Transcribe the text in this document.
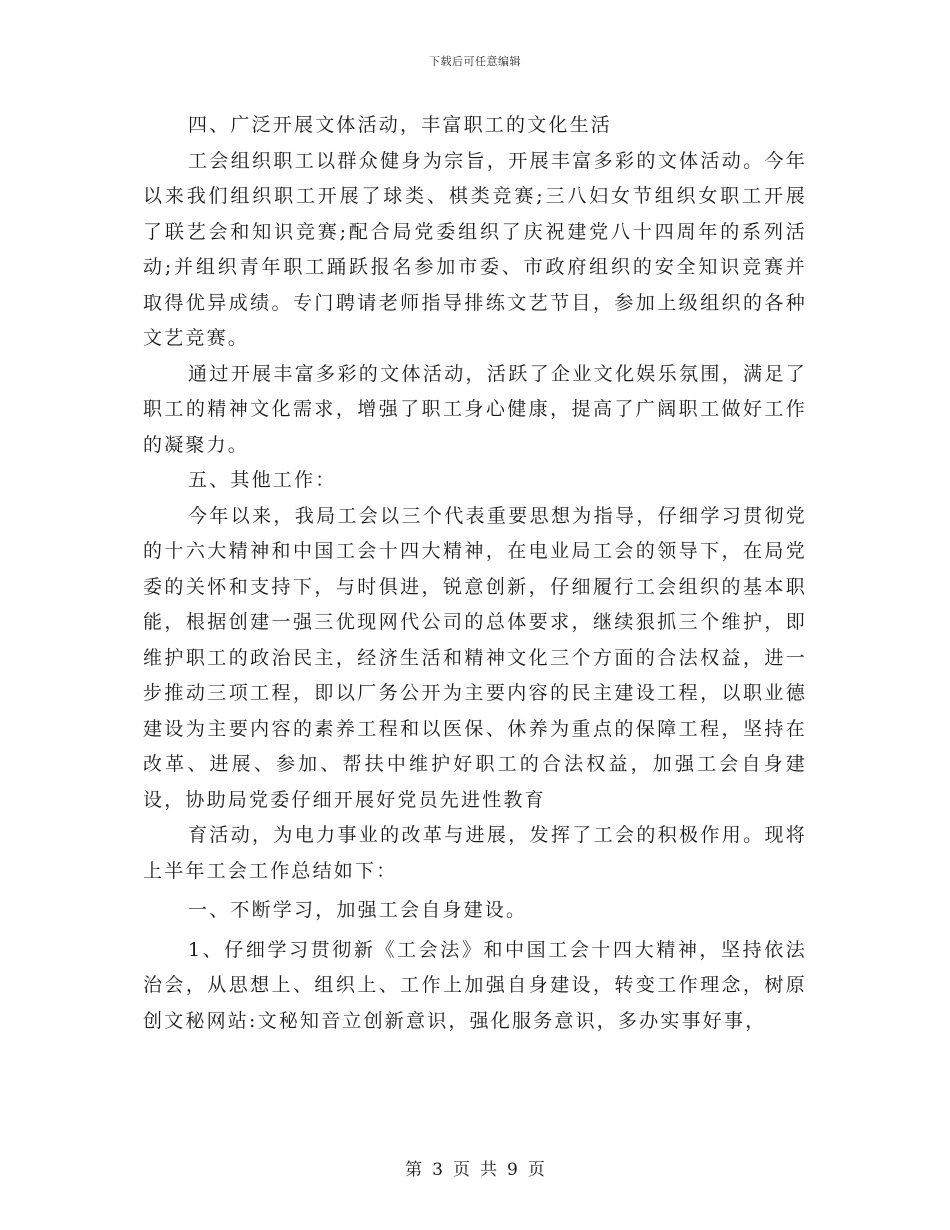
下载后可任意编辑

四、广泛开展文体活动，丰富职工的文化生活

工会组织职工以群众健身为宗旨，开展丰富多彩的文体活动。今年以来我们组织职工开展了球类、棋类竞赛;三八妇女节组织女职工开展了联艺会和知识竞赛;配合局党委组织了庆祝建党八十四周年的系列活动;并组织青年职工踊跃报名参加市委、市政府组织的安全知识竞赛并取得优异成绩。专门聘请老师指导排练文艺节目，参加上级组织的各种文艺竞赛。

通过开展丰富多彩的文体活动，活跃了企业文化娱乐氛围，满足了职工的精神文化需求，增强了职工身心健康，提高了广阔职工做好工作的凝聚力。

五、其他工作：

今年以来，我局工会以三个代表重要思想为指导，仔细学习贯彻党的十六大精神和中国工会十四大精神，在电业局工会的领导下，在局党委的关怀和支持下，与时俱进，锐意创新，仔细履行工会组织的基本职能，根据创建一强三优现网代公司的总体要求，继续狠抓三个维护，即维护职工的政治民主，经济生活和精神文化三个方面的合法权益，进一步推动三项工程，即以厂务公开为主要内容的民主建设工程，以职业德建设为主要内容的素养工程和以医保、休养为重点的保障工程，坚持在改革、进展、参加、帮扶中维护好职工的合法权益，加强工会自身建设，协助局党委仔细开展好党员先进性教育

育活动，为电力事业的改革与进展，发挥了工会的积极作用。现将上半年工会工作总结如下：

一、不断学习，加强工会自身建设。

1、仔细学习贯彻新《工会法》和中国工会十四大精神，坚持依法治会，从思想上、组织上、工作上加强自身建设，转变工作理念，树原创文秘网站:文秘知音立创新意识，强化服务意识，多办实事好事，

第 3 页 共 9 页
